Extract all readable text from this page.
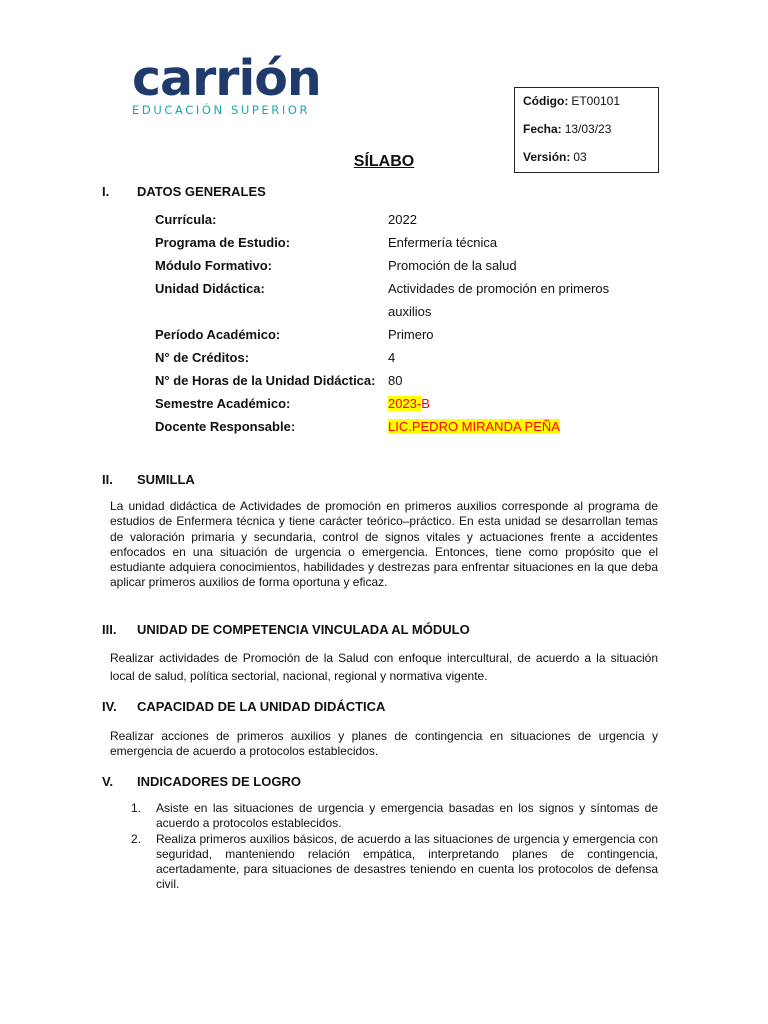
carrión
EDUCACIÓN SUPERIOR
Código: ET00101
Fecha: 13/03/23
Versión: 03
SÍLABO
I. DATOS GENERALES
Currícula:	2022
Programa de Estudio:	Enfermería técnica
Módulo Formativo:	Promoción de la salud
Unidad Didáctica:	Actividades de promoción en primeros
auxilios
Período Académico:	Primero
N° de Créditos:	4
N° de Horas de la Unidad Didáctica: 80
Semestre Académico:	2023-B
Docente Responsable:	LIC.PEDRO MIRANDA PEÑA
II. SUMILLA
La unidad didáctica de Actividades de promoción en primeros auxilios corresponde al programa de estudios de Enfermera técnica y tiene carácter teórico–práctico. En esta unidad se desarrollan temas de valoración primaria y secundaria, control de signos vitales y actuaciones frente a accidentes enfocados en una situación de urgencia o emergencia. Entonces, tiene como propósito que el estudiante adquiera conocimientos, habilidades y destrezas para enfrentar situaciones en la que deba aplicar primeros auxilios de forma oportuna y eficaz.
III. UNIDAD DE COMPETENCIA VINCULADA AL MÓDULO
Realizar actividades de Promoción de la Salud con enfoque intercultural, de acuerdo a la situación local de salud, política sectorial, nacional, regional y normativa vigente.
IV. CAPACIDAD DE LA UNIDAD DIDÁCTICA
Realizar acciones de primeros auxilios y planes de contingencia en situaciones de urgencia y emergencia de acuerdo a protocolos establecidos.
V. INDICADORES DE LOGRO
1. Asiste en las situaciones de urgencia y emergencia basadas en los signos y síntomas de acuerdo a protocolos establecidos.
2. Realiza primeros auxilios básicos, de acuerdo a las situaciones de urgencia y emergencia con seguridad, manteniendo relación empática, interpretando planes de contingencia, acertadamente, para situaciones de desastres teniendo en cuenta los protocolos de defensa civil.
